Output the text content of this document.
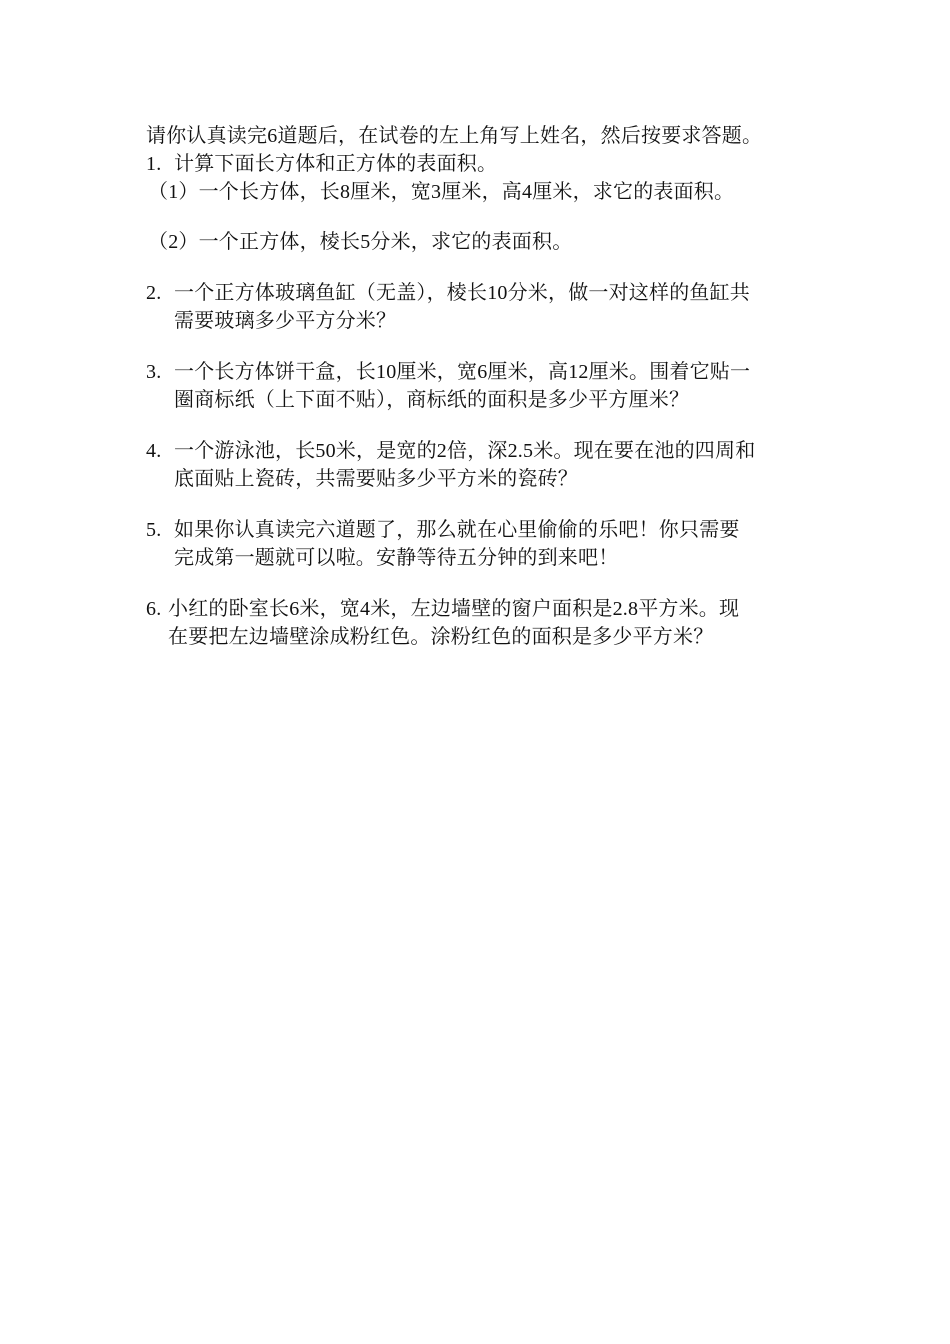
请你认真读完6道题后，在试卷的左上角写上姓名，然后按要求答题。
1. 计算下面长方体和正方体的表面积。
（1）一个长方体，长8厘米，宽3厘米，高4厘米，求它的表面积。
（2）一个正方体，棱长5分米，求它的表面积。
2. 一个正方体玻璃鱼缸（无盖），棱长10分米，做一对这样的鱼缸共
需要玻璃多少平方分米？
3. 一个长方体饼干盒，长10厘米，宽6厘米，高12厘米。围着它贴一
圈商标纸（上下面不贴），商标纸的面积是多少平方厘米？
4. 一个游泳池，长50米，是宽的2倍，深2.5米。现在要在池的四周和
底面贴上瓷砖，共需要贴多少平方米的瓷砖？
5. 如果你认真读完六道题了，那么就在心里偷偷的乐吧！你只需要
完成第一题就可以啦。安静等待五分钟的到来吧！
6. 小红的卧室长6米，宽4米，左边墙壁的窗户面积是2.8平方米。现
在要把左边墙壁涂成粉红色。涂粉红色的面积是多少平方米？
